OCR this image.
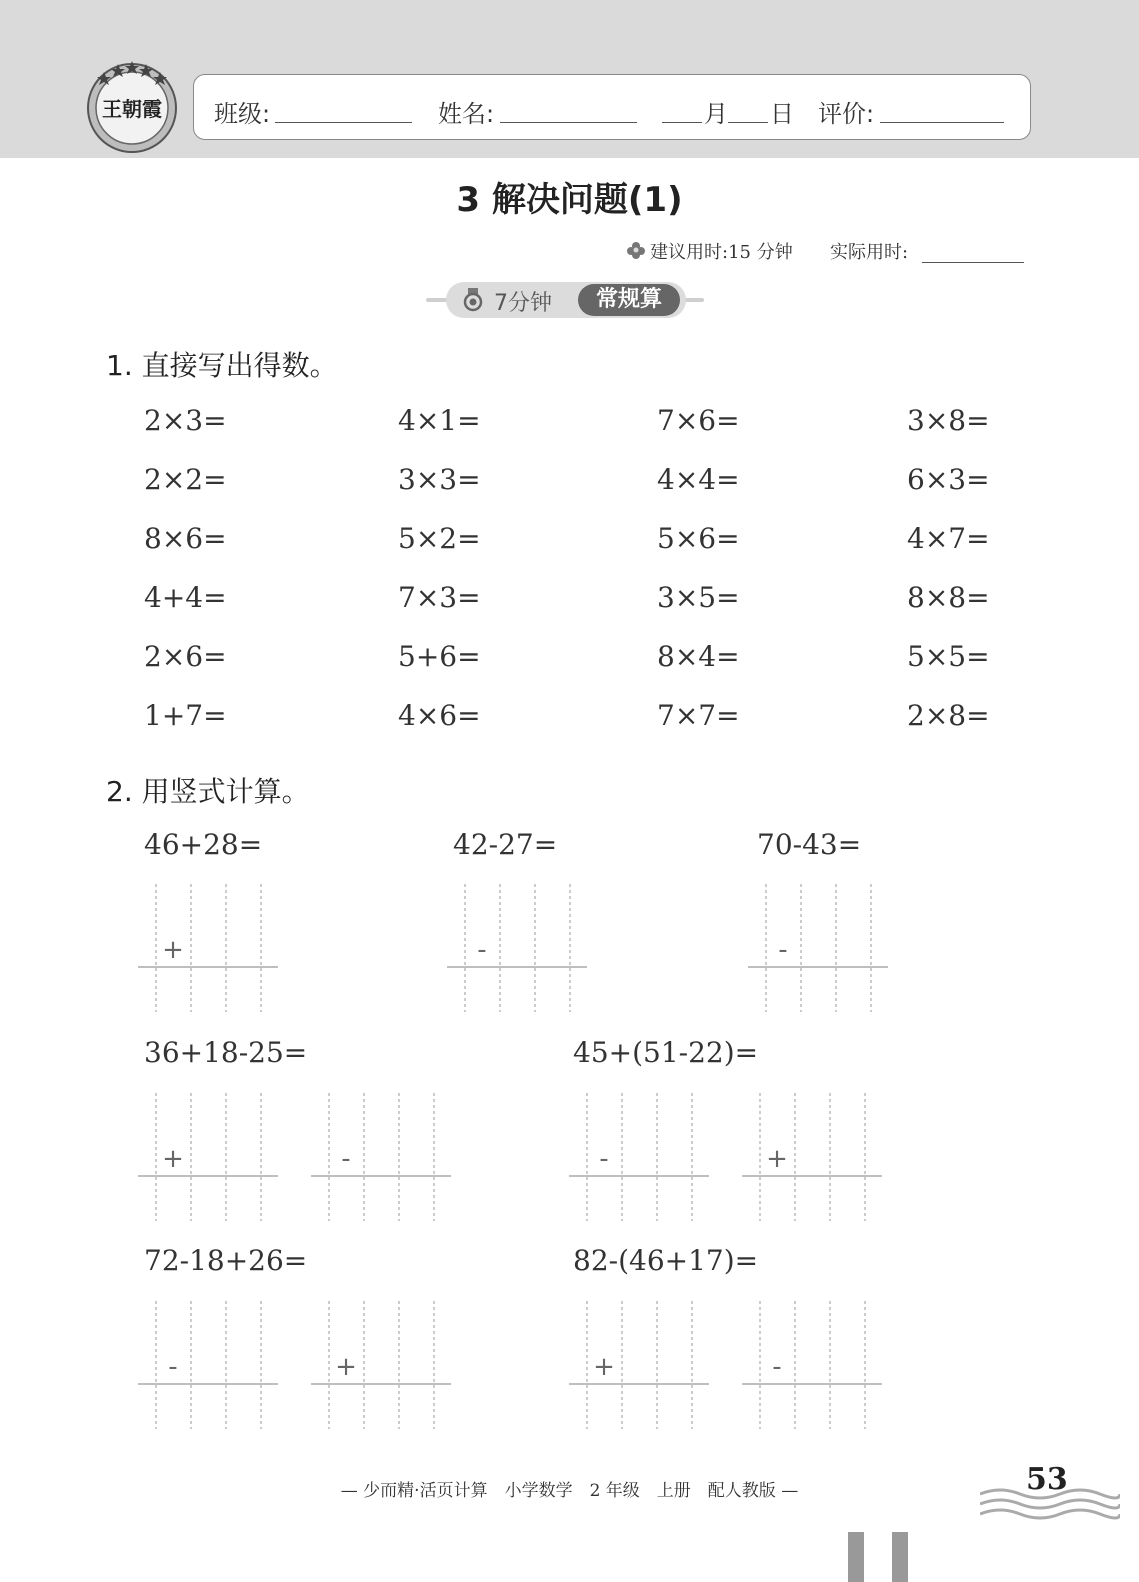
王朝霞 班级:	姓名:	月 日 评价:
3 解决问题(1)
建议用时:15 分钟 实际用时:
7分钟	常规算
1. 直接写出得数。
2×3=	4×1=	7×6=	3×8=
2×2=	3×3=	4×4=	6×3=
8×6=	5×2=	5×6=	4×7=
4+4=	7×3=	3×5=	8×8=
2×6=	5+6=	8×4=	5×5=
1+7=	4×6=	7×7=	2×8=
2. 用竖式计算。
46+28=
+
42-27=
-
70-43=
-
36+18-25=
+	-
45+(51-22)=
-	+
72-18+26=
-	+
82-(46+17)=
+	-
— 少而精·活页计算　小学数学　2 年级　上册　配人教版 —	53
